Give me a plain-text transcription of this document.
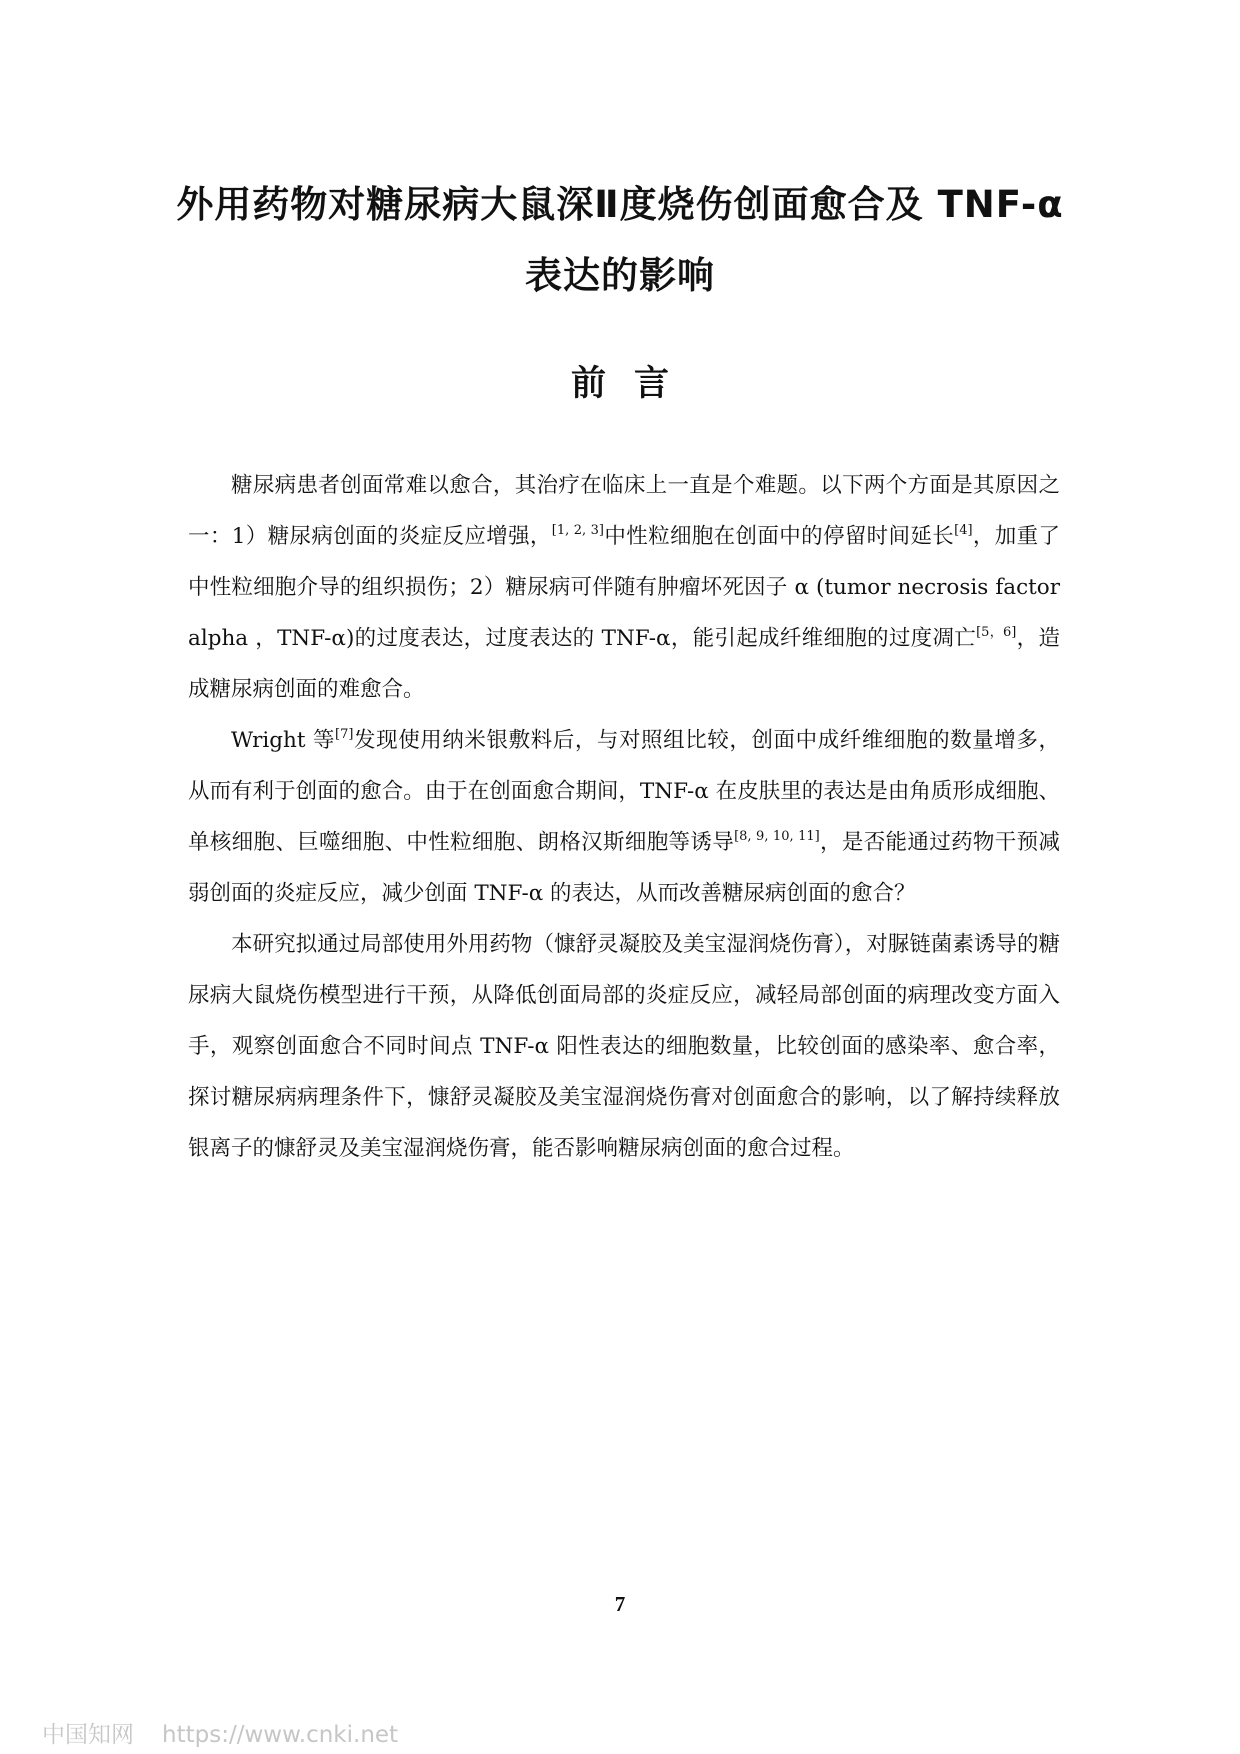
外用药物对糖尿病大鼠深Ⅱ度烧伤创面愈合及 TNF-α
表达的影响
前言

糖尿病患者创面常难以愈合，其治疗在临床上一直是个难题。以下两个方面是其原因之一：1）糖尿病创面的炎症反应增强，[1, 2, 3]中性粒细胞在创面中的停留时间延长[4]，加重了中性粒细胞介导的组织损伤；2）糖尿病可伴随有肿瘤坏死因子 α (tumor necrosis factor alpha ，TNF-α)的过度表达，过度表达的 TNF-α，能引起成纤维细胞的过度凋亡[5，6]，造成糖尿病创面的难愈合。

Wright 等[7]发现使用纳米银敷料后，与对照组比较，创面中成纤维细胞的数量增多，从而有利于创面的愈合。由于在创面愈合期间，TNF-α 在皮肤里的表达是由角质形成细胞、单核细胞、巨噬细胞、中性粒细胞、朗格汉斯细胞等诱导[8, 9, 10, 11]，是否能通过药物干预减弱创面的炎症反应，减少创面 TNF-α 的表达，从而改善糖尿病创面的愈合？

本研究拟通过局部使用外用药物（慷舒灵凝胶及美宝湿润烧伤膏），对脲链菌素诱导的糖尿病大鼠烧伤模型进行干预，从降低创面局部的炎症反应，减轻局部创面的病理改变方面入手，观察创面愈合不同时间点 TNF-α 阳性表达的细胞数量，比较创面的感染率、愈合率，探讨糖尿病病理条件下，慷舒灵凝胶及美宝湿润烧伤膏对创面愈合的影响，以了解持续释放银离子的慷舒灵及美宝湿润烧伤膏，能否影响糖尿病创面的愈合过程。

7
中国知网 https://www.cnki.net
